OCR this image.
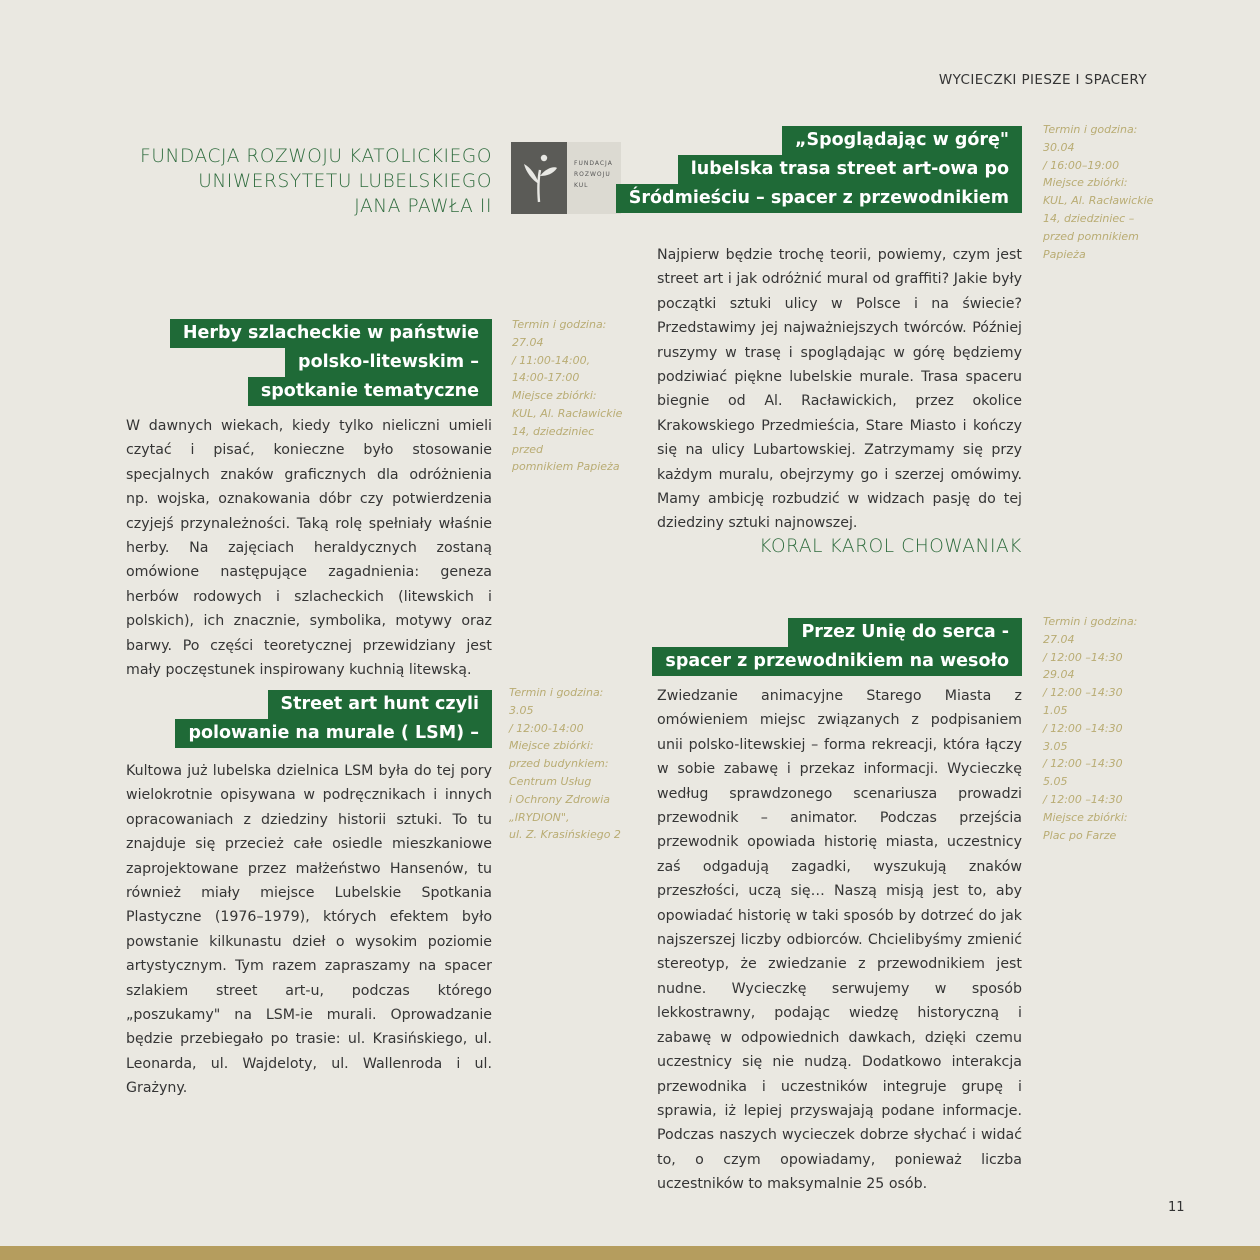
WYCIECZKI PIESZE I SPACERY
FUNDACJA ROZWOJU KATOLICKIEGO
UNIWERSYTETU LUBELSKIEGO
JANA PAWŁA II
FUNDACJA
ROZWOJU
KUL
Herby szlacheckie w państwie
polsko-litewskim –
spotkanie tematyczne
Termin i godzina:
27.04
/ 11:00-14:00,
14:00-17:00
Miejsce zbiórki:
KUL, Al. Racławickie
14, dziedziniec przed
pomnikiem Papieża

W dawnych wiekach, kiedy tylko nieliczni umieli czytać i pisać, konieczne było stosowanie specjalnych znaków graficznych dla odróżnienia np. wojska, oznakowania dóbr czy potwierdzenia czyjejś przynależności. Taką rolę spełniały właśnie herby. Na zajęciach heraldycznych zostaną omówione następujące zagadnienia: geneza herbów rodowych i szlacheckich (litewskich i polskich), ich znacznie, symbolika, motywy oraz barwy. Po części teoretycznej przewidziany jest mały poczęstunek inspirowany kuchnią litewską.

Street art hunt czyli
polowanie na murale ( LSM) –
Termin i godzina:
3.05
/ 12:00-14:00
Miejsce zbiórki:
przed budynkiem:
Centrum Usług
i Ochrony Zdrowia
„IRYDION",
ul. Z. Krasińskiego 2

Kultowa już lubelska dzielnica LSM była do tej pory wielokrotnie opisywana w podręcznikach i innych opracowaniach z dziedziny historii sztuki. To tu znajduje się przecież całe osiedle mieszkaniowe zaprojektowane przez małżeństwo Hansenów, tu również miały miejsce Lubelskie Spotkania Plastyczne (1976–1979), których efektem było powstanie kilkunastu dzieł o wysokim poziomie artystycznym. Tym razem zapraszamy na spacer szlakiem street art-u, podczas którego „poszukamy" na LSM-ie murali. Oprowadzanie będzie przebiegało po trasie: ul. Krasińskiego, ul. Leonarda, ul. Wajdeloty, ul. Wallenroda i ul. Grażyny.

„Spoglądając w górę"
lubelska trasa street art-owa po
Śródmieściu – spacer z przewodnikiem
Termin i godzina:
30.04
/ 16:00–19:00
Miejsce zbiórki:
KUL, Al. Racławickie
14, dziedziniec –
przed pomnikiem
Papieża

Najpierw będzie trochę teorii, powiemy, czym jest street art i jak odróżnić mural od graffiti? Jakie były początki sztuki ulicy w Polsce i na świecie? Przedstawimy jej najważniejszych twórców. Później ruszymy w trasę i spoglądając w górę będziemy podziwiać piękne lubelskie murale. Trasa spaceru biegnie od Al. Racławickich, przez okolice Krakowskiego Przedmieścia, Stare Miasto i kończy się na ulicy Lubartowskiej. Zatrzymamy się przy każdym muralu, obejrzymy go i szerzej omówimy. Mamy ambicję rozbudzić w widzach pasję do tej dziedziny sztuki najnowszej.

KORAL KAROL CHOWANIAK
Przez Unię do serca -
spacer z przewodnikiem na wesoło
Termin i godzina:
27.04
/ 12:00 –14:30
29.04
/ 12:00 –14:30
1.05
/ 12:00 –14:30
3.05
/ 12:00 –14:30
5.05
/ 12:00 –14:30
Miejsce zbiórki:
Plac po Farze

Zwiedzanie animacyjne Starego Miasta z omówieniem miejsc związanych z podpisaniem unii polsko-litewskiej – forma rekreacji, która łączy w sobie zabawę i przekaz informacji. Wycieczkę według sprawdzonego scenariusza prowadzi przewodnik – animator. Podczas przejścia przewodnik opowiada historię miasta, uczestnicy zaś odgadują zagadki, wyszukują znaków przeszłości, uczą się… Naszą misją jest to, aby opowiadać historię w taki sposób by dotrzeć do jak najszerszej liczby odbiorców. Chcielibyśmy zmienić stereotyp, że zwiedzanie z przewodnikiem jest nudne. Wycieczkę serwujemy w sposób lekkostrawny, podając wiedzę historyczną i zabawę w odpowiednich dawkach, dzięki czemu uczestnicy się nie nudzą. Dodatkowo interakcja przewodnika i uczestników integruje grupę i sprawia, iż lepiej przyswajają podane informacje. Podczas naszych wycieczek dobrze słychać i widać to, o czym opowiadamy, ponieważ liczba uczestników to maksymalnie 25 osób.

11
